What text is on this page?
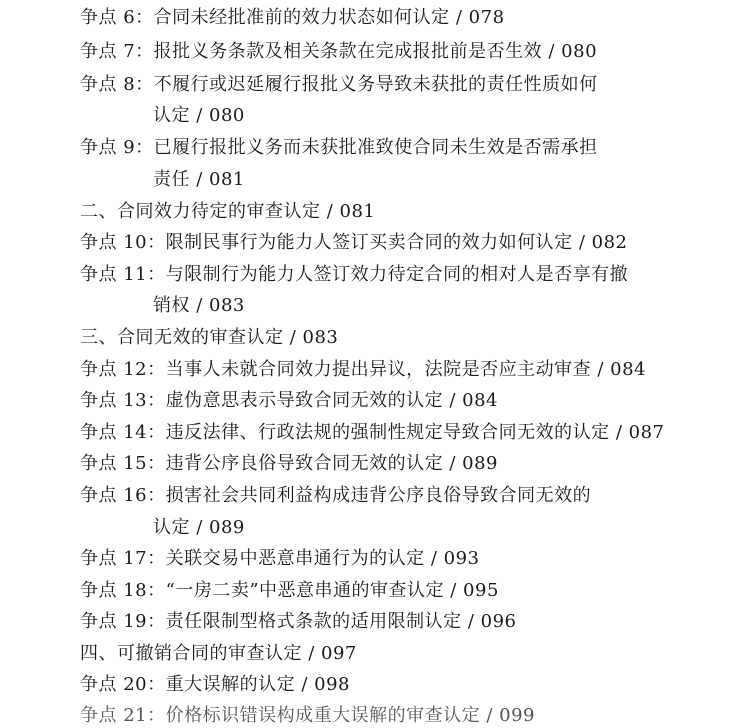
争点 6：合同未经批准前的效力状态如何认定 / 078
争点 7：报批义务条款及相关条款在完成报批前是否生效 / 080
争点 8：不履行或迟延履行报批义务导致未获批的责任性质如何
认定 / 080
争点 9：已履行报批义务而未获批准致使合同未生效是否需承担
责任 / 081
二、合同效力待定的审查认定 / 081
争点 10：限制民事行为能力人签订买卖合同的效力如何认定 / 082
争点 11：与限制行为能力人签订效力待定合同的相对人是否享有撤
销权 / 083
三、合同无效的审查认定 / 083
争点 12：当事人未就合同效力提出异议，法院是否应主动审查 / 084
争点 13：虚伪意思表示导致合同无效的认定 / 084
争点 14：违反法律、行政法规的强制性规定导致合同无效的认定 / 087
争点 15：违背公序良俗导致合同无效的认定 / 089
争点 16：损害社会共同利益构成违背公序良俗导致合同无效的
认定 / 089
争点 17：关联交易中恶意串通行为的认定 / 093
争点 18：“一房二卖”中恶意串通的审查认定 / 095
争点 19：责任限制型格式条款的适用限制认定 / 096
四、可撤销合同的审查认定 / 097
争点 20：重大误解的认定 / 098
争点 21：价格标识错误构成重大误解的审查认定 / 099
